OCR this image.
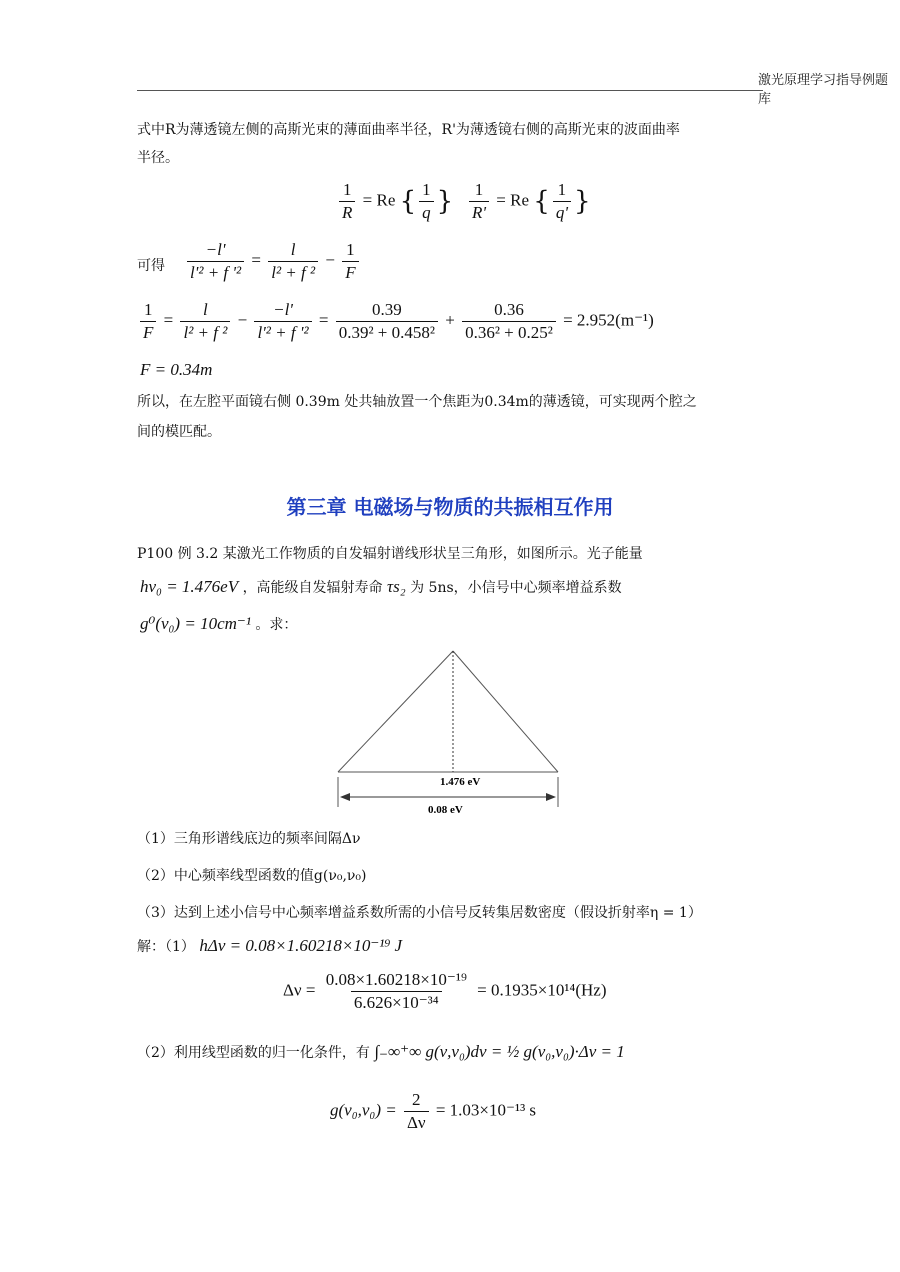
激光原理学习指导例题库
式中R为薄透镜左侧的高斯光束的薄面曲率半径，R'为薄透镜右侧的高斯光束的波面曲率
半径。
$\frac{1}{R} = Re$ { $\frac{1}{q}$ } $\frac{1}{R'} = Re$ { $\frac{1}{q'}$ }
可得 $\frac{-l'}{\text{l'² + f '²}} = \frac{l}{\text{l² + f ²}} - \frac{1}{F}$
$\frac{1}{F} = \frac{l}{\text{l² + f ²}} - \frac{-l'}{\text{l'² + f '²}} = \frac{0.39}{\text{0.39² + 0.458²}} + \frac{0.36}{\text{0.36² + 0.25²}} = 2.952(m^{-1})$
F = 0.34m
所以，在左腔平面镜右侧 0.39m 处共轴放置一个焦距为0.34m的薄透镜，可实现两个腔之
间的模匹配。
第三章 电磁场与物质的共振相互作用
P100 例 3.2 某激光工作物质的自发辐射谱线形状呈三角形，如图所示。光子能量
hν₀ = 1.476eV ，高能级自发辐射寿命 τs₂ 为 5ns，小信号中心频率增益系数
g⁰(ν₀) = 10cm⁻¹ 。求：
1.476 eV
0.08 eV
（1）三角形谱线底边的频率间隔Δν
（2）中心频率线型函数的值g(ν₀,ν₀)
（3）达到上述小信号中心频率增益系数所需的小信号反转集居数密度（假设折射率η = 1）
解：（1） hΔν = 0.08×1.60218×10⁻¹⁹ J
$\Delta\nu = \frac{\text{0.08×1.60218×10⁻¹⁹}}{\text{6.626×10⁻³⁴}} = 0.1935\times 10^{14}(Hz)$
（2）利用线型函数的归一化条件，有 ∫₋∞⁺∞ g(ν,ν₀)dν = ½ g(ν₀,ν₀)·Δν = 1
$g(\nu_0,\nu_0) = \frac{2}{\Delta\nu} = 1.03\times 10^{-13}$ s
